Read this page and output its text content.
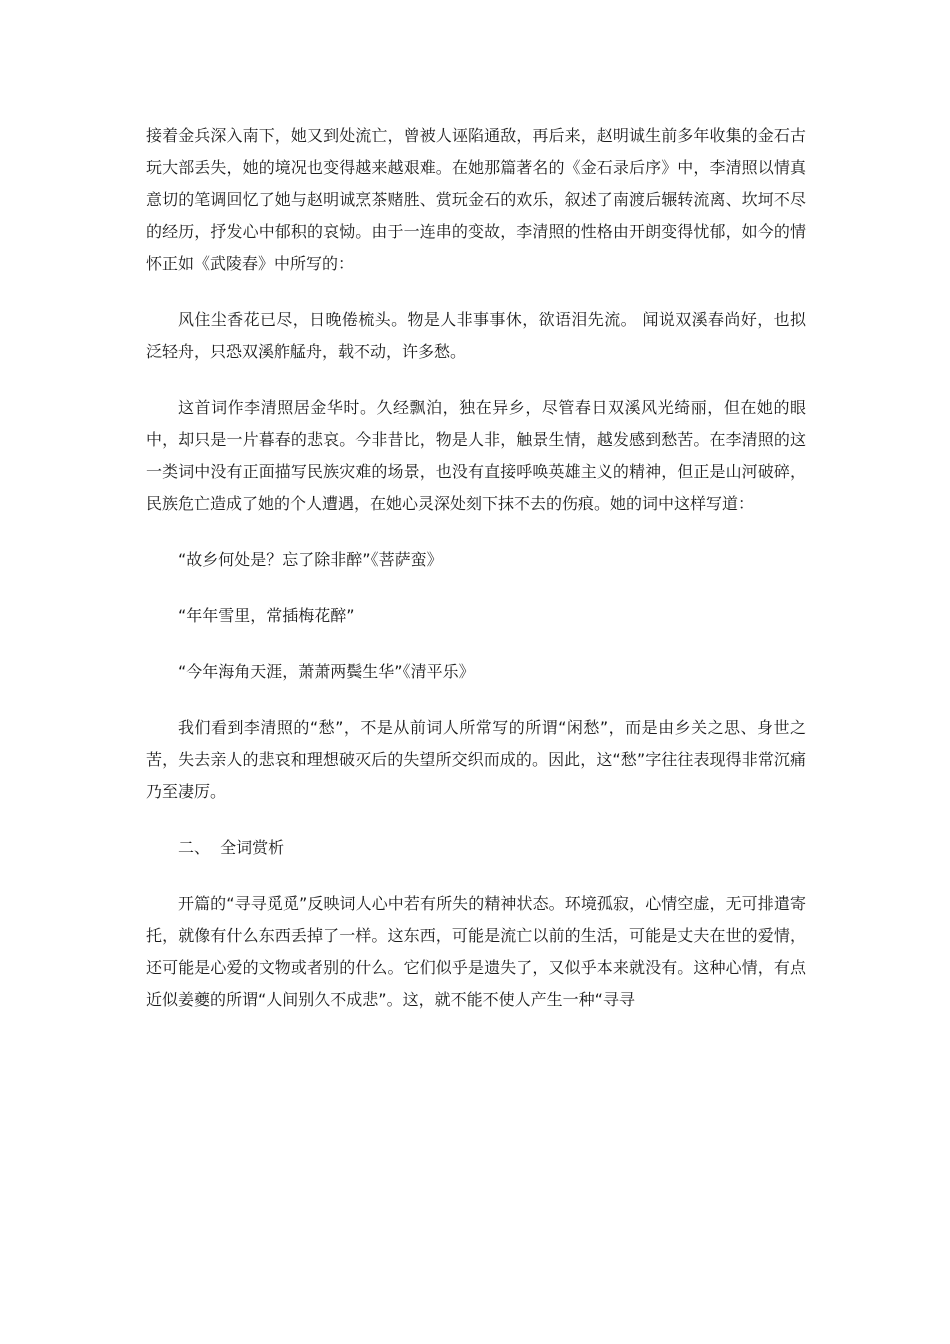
接着金兵深入南下，她又到处流亡，曾被人诬陷通敌，再后来，赵明诚生前多年收集的金石古玩大部丢失，她的境况也变得越来越艰难。在她那篇著名的《金石录后序》中，李清照以情真意切的笔调回忆了她与赵明诚烹茶赌胜、赏玩金石的欢乐，叙述了南渡后辗转流离、坎坷不尽的经历，抒发心中郁积的哀恸。由于一连串的变故，李清照的性格由开朗变得忧郁，如今的情怀正如《武陵春》中所写的：

风住尘香花已尽，日晚倦梳头。物是人非事事休，欲语泪先流。 闻说双溪春尚好，也拟泛轻舟，只恐双溪舴艋舟，载不动，许多愁。

这首词作李清照居金华时。久经飘泊，独在异乡，尽管春日双溪风光绮丽，但在她的眼中，却只是一片暮春的悲哀。今非昔比，物是人非，触景生情，越发感到愁苦。在李清照的这一类词中没有正面描写民族灾难的场景，也没有直接呼唤英雄主义的精神，但正是山河破碎，民族危亡造成了她的个人遭遇，在她心灵深处刻下抹不去的伤痕。她的词中这样写道：

“故乡何处是？忘了除非醉”《菩萨蛮》

“年年雪里，常插梅花醉”

“今年海角天涯，萧萧两鬓生华”《清平乐》

我们看到李清照的“愁”，不是从前词人所常写的所谓“闲愁”，而是由乡关之思、身世之苦，失去亲人的悲哀和理想破灭后的失望所交织而成的。因此，这“愁”字往往表现得非常沉痛乃至凄厉。

二、  全词赏析

开篇的“寻寻觅觅”反映词人心中若有所失的精神状态。环境孤寂，心情空虚，无可排遣寄托，就像有什么东西丢掉了一样。这东西，可能是流亡以前的生活，可能是丈夫在世的爱情，还可能是心爱的文物或者别的什么。它们似乎是遗失了，又似乎本来就没有。这种心情，有点近似姜夔的所谓“人间别久不成悲”。这，就不能不使人产生一种“寻寻
